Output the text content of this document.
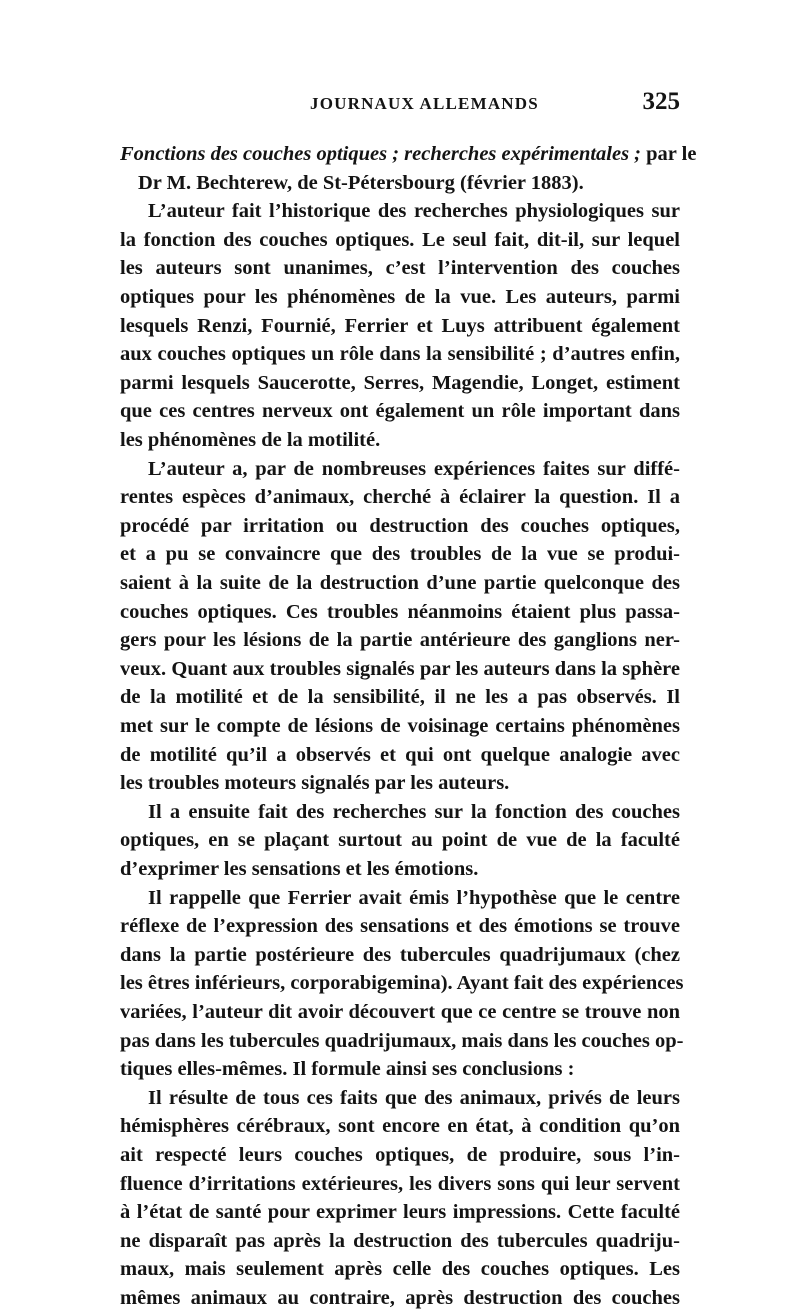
JOURNAUX ALLEMANDS	325
Fonctions des couches optiques ; recherches expérimentales ; par le
Dr M. Bechterew, de St-Pétersbourg (février 1883).
L’auteur fait l’historique des recherches physiologiques sur
la fonction des couches optiques. Le seul fait, dit-il, sur lequel
les auteurs sont unanimes, c’est l’intervention des couches
optiques pour les phénomènes de la vue. Les auteurs, parmi
lesquels Renzi, Fournié, Ferrier et Luys attribuent également
aux couches optiques un rôle dans la sensibilité ; d’autres enfin,
parmi lesquels Saucerotte, Serres, Magendie, Longet, estiment
que ces centres nerveux ont également un rôle important dans
les phénomènes de la motilité.
L’auteur a, par de nombreuses expériences faites sur diffé-
rentes espèces d’animaux, cherché à éclairer la question. Il a
procédé par irritation ou destruction des couches optiques,
et a pu se convaincre que des troubles de la vue se produi-
saient à la suite de la destruction d’une partie quelconque des
couches optiques. Ces troubles néanmoins étaient plus passa-
gers pour les lésions de la partie antérieure des ganglions ner-
veux. Quant aux troubles signalés par les auteurs dans la sphère
de la motilité et de la sensibilité, il ne les a pas observés. Il
met sur le compte de lésions de voisinage certains phénomènes
de motilité qu’il a observés et qui ont quelque analogie avec
les troubles moteurs signalés par les auteurs.
Il a ensuite fait des recherches sur la fonction des couches
optiques, en se plaçant surtout au point de vue de la faculté
d’exprimer les sensations et les émotions.
Il rappelle que Ferrier avait émis l’hypothèse que le centre
réflexe de l’expression des sensations et des émotions se trouve
dans la partie postérieure des tubercules quadrijumaux (chez
les êtres inférieurs, corporabigemina). Ayant fait des expériences
variées, l’auteur dit avoir découvert que ce centre se trouve non
pas dans les tubercules quadrijumaux, mais dans les couches op-
tiques elles-mêmes. Il formule ainsi ses conclusions :
Il résulte de tous ces faits que des animaux, privés de leurs
hémisphères cérébraux, sont encore en état, à condition qu’on
ait respecté leurs couches optiques, de produire, sous l’in-
fluence d’irritations extérieures, les divers sons qui leur servent
à l’état de santé pour exprimer leurs impressions. Cette faculté
ne disparaît pas après la destruction des tubercules quadriju-
maux, mais seulement après celle des couches optiques. Les
mêmes animaux au contraire, après destruction des couches
